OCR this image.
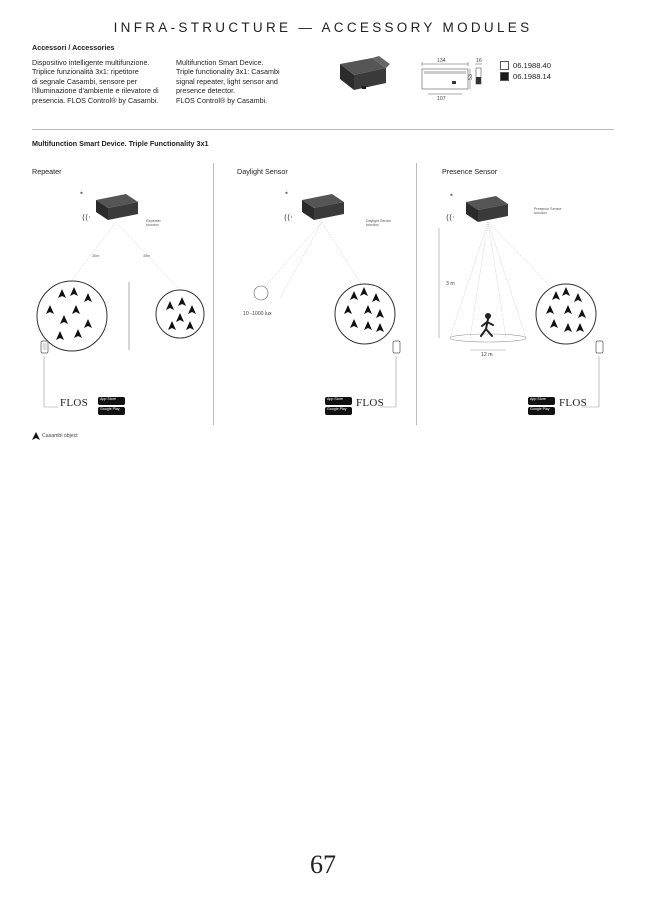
INFRA-STRUCTURE — ACCESSORY MODULES
Accessori / Accessories
Dispositivo intelligente multifunzione.
Triplice funzionalità 3x1: ripetitore
di segnale Casambi, sensore per
l'illuminazione d'ambiente e rilevatore di
presencia. FLOS Control® by Casambi.
Multifunction Smart Device.
Triple functionality 3x1: Casambi
signal repeater, light sensor and
presence detector.
FLOS Control® by Casambi.
134
107
16
53
06.1988.40
06.1988.14
Multifunction Smart Device. Triple Functionality 3x1
Repeater	Daylight Sensor	Presence Sensor
((·
✱
Repeater
function
30m	30m
FLOS	App Store
Google Play
((·
✱
Daylight Sensor
function
10 -1000 lux
App Store
Google Play FLOS
((·
✱
Presence Sensor
function
3 m
12 m
App Store
Google Play FLOS
Casambi object
67
